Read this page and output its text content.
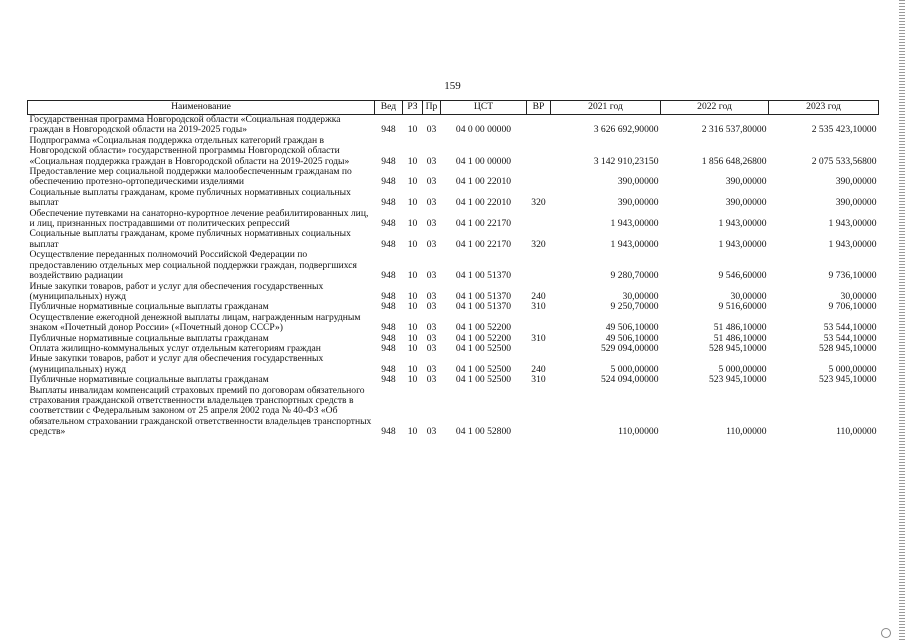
159
Наименование	Вед	РЗ	Пр	ЦСТ	ВР	2021 год	2022 год	2023 год
Государственная программа Новгородской области «Социальная поддержка граждан в Новгородской области на 2019-2025 годы»	948	10	03	04 0 00 00000		3 626 692,90000	2 316 537,80000	2 535 423,10000
Подпрограмма «Социальная поддержка отдельных категорий граждан в Новгородской области» государственной программы Новгородской области «Социальная поддержка граждан в Новгородской области на 2019-2025 годы»	948	10	03	04 1 00 00000		3 142 910,23150	1 856 648,26800	2 075 533,56800
Предоставление мер социальной поддержки малообеспеченным гражданам по обеспечению протезно-ортопедическими изделиями	948	10	03	04 1 00 22010		390,00000	390,00000	390,00000
Социальные выплаты гражданам, кроме публичных нормативных социальных выплат	948	10	03	04 1 00 22010	320	390,00000	390,00000	390,00000
Обеспечение путевками на санаторно-курортное лечение реабилитированных лиц, и лиц, признанных пострадавшими от политических репрессий	948	10	03	04 1 00 22170		1 943,00000	1 943,00000	1 943,00000
Социальные выплаты гражданам, кроме публичных нормативных социальных выплат	948	10	03	04 1 00 22170	320	1 943,00000	1 943,00000	1 943,00000
Осуществление переданных полномочий Российской Федерации по предоставлению отдельных мер социальной поддержки граждан, подвергшихся воздействию радиации	948	10	03	04 1 00 51370		9 280,70000	9 546,60000	9 736,10000
Иные закупки товаров, работ и услуг для обеспечения государственных (муниципальных) нужд	948	10	03	04 1 00 51370	240	30,00000	30,00000	30,00000
Публичные нормативные социальные выплаты гражданам	948	10	03	04 1 00 51370	310	9 250,70000	9 516,60000	9 706,10000
Осуществление ежегодной денежной выплаты лицам, награжденным нагрудным знаком «Почетный донор России» («Почетный донор СССР»)	948	10	03	04 1 00 52200		49 506,10000	51 486,10000	53 544,10000
Публичные нормативные социальные выплаты гражданам	948	10	03	04 1 00 52200	310	49 506,10000	51 486,10000	53 544,10000
Оплата жилищно-коммунальных услуг отдельным категориям граждан	948	10	03	04 1 00 52500		529 094,00000	528 945,10000	528 945,10000
Иные закупки товаров, работ и услуг для обеспечения государственных (муниципальных) нужд	948	10	03	04 1 00 52500	240	5 000,00000	5 000,00000	5 000,00000
Публичные нормативные социальные выплаты гражданам	948	10	03	04 1 00 52500	310	524 094,00000	523 945,10000	523 945,10000
Выплаты инвалидам компенсаций страховых премий по договорам обязательного страхования гражданской ответственности владельцев транспортных средств в соответствии с Федеральным законом от 25 апреля 2002 года № 40-ФЗ «Об обязательном страховании гражданской ответственности владельцев транспортных средств»	948	10	03	04 1 00 52800		110,00000	110,00000	110,00000
